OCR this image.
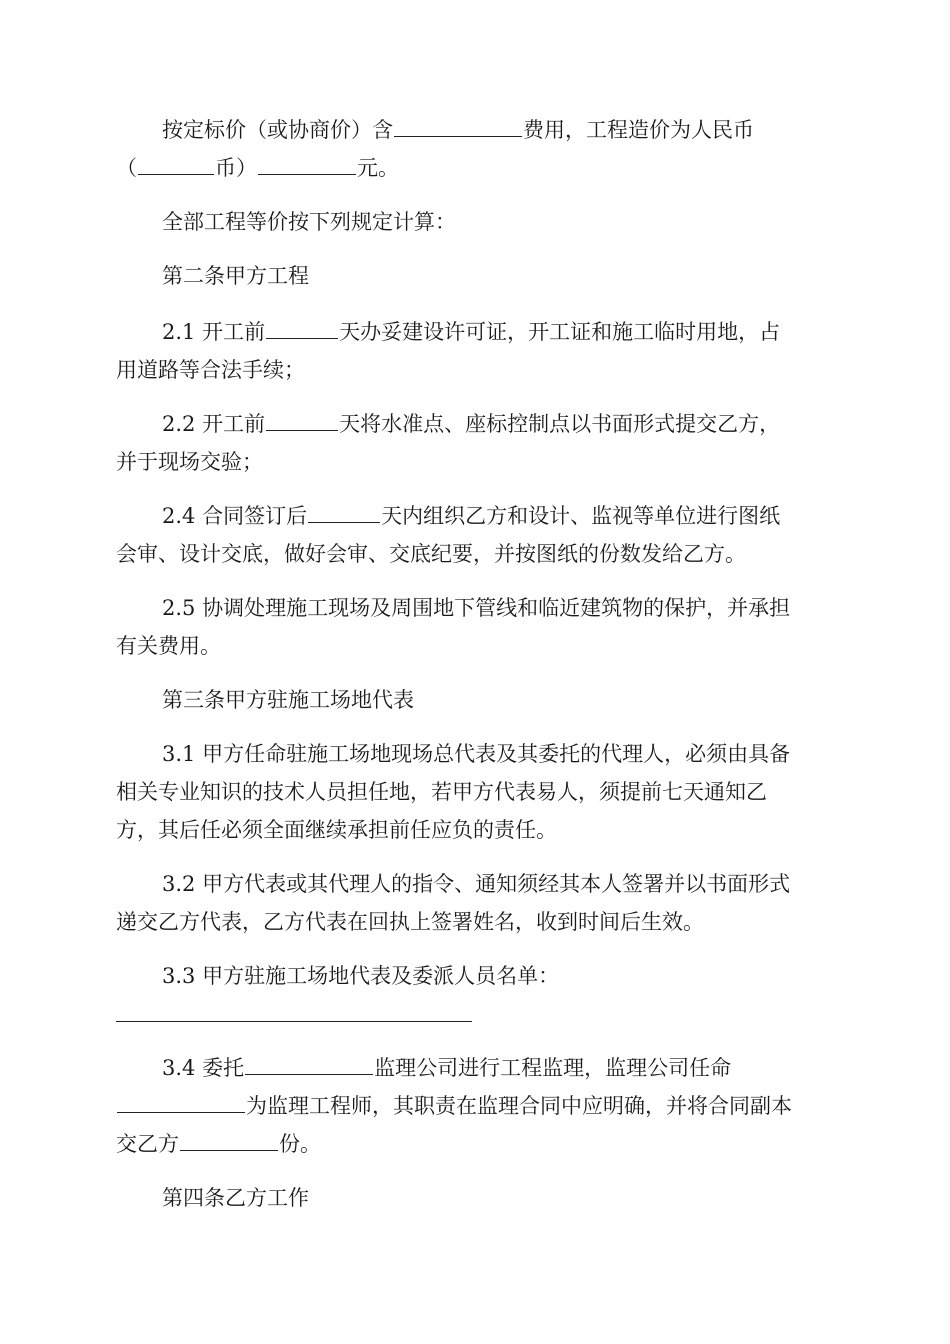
按定标价（或协商价）含	费用，工程造价为人民币
（	币）	元。
全部工程等价按下列规定计算：
第二条甲方工程
2.1 开工前	天办妥建设许可证，开工证和施工临时用地，占
用道路等合法手续；
2.2 开工前	天将水准点、座标控制点以书面形式提交乙方，
并于现场交验；
2.4 合同签订后	天内组织乙方和设计、监视等单位进行图纸
会审、设计交底，做好会审、交底纪要，并按图纸的份数发给乙方。
2.5 协调处理施工现场及周围地下管线和临近建筑物的保护，并承担
有关费用。
第三条甲方驻施工场地代表
3.1 甲方任命驻施工场地现场总代表及其委托的代理人，必须由具备
相关专业知识的技术人员担任地，若甲方代表易人，须提前七天通知乙
方，其后任必须全面继续承担前任应负的责任。
3.2 甲方代表或其代理人的指令、通知须经其本人签署并以书面形式
递交乙方代表，乙方代表在回执上签署姓名，收到时间后生效。
3.3 甲方驻施工场地代表及委派人员名单：
3.4 委托	监理公司进行工程监理，监理公司任命
为监理工程师，其职责在监理合同中应明确，并将合同副本
交乙方	份。
第四条乙方工作
